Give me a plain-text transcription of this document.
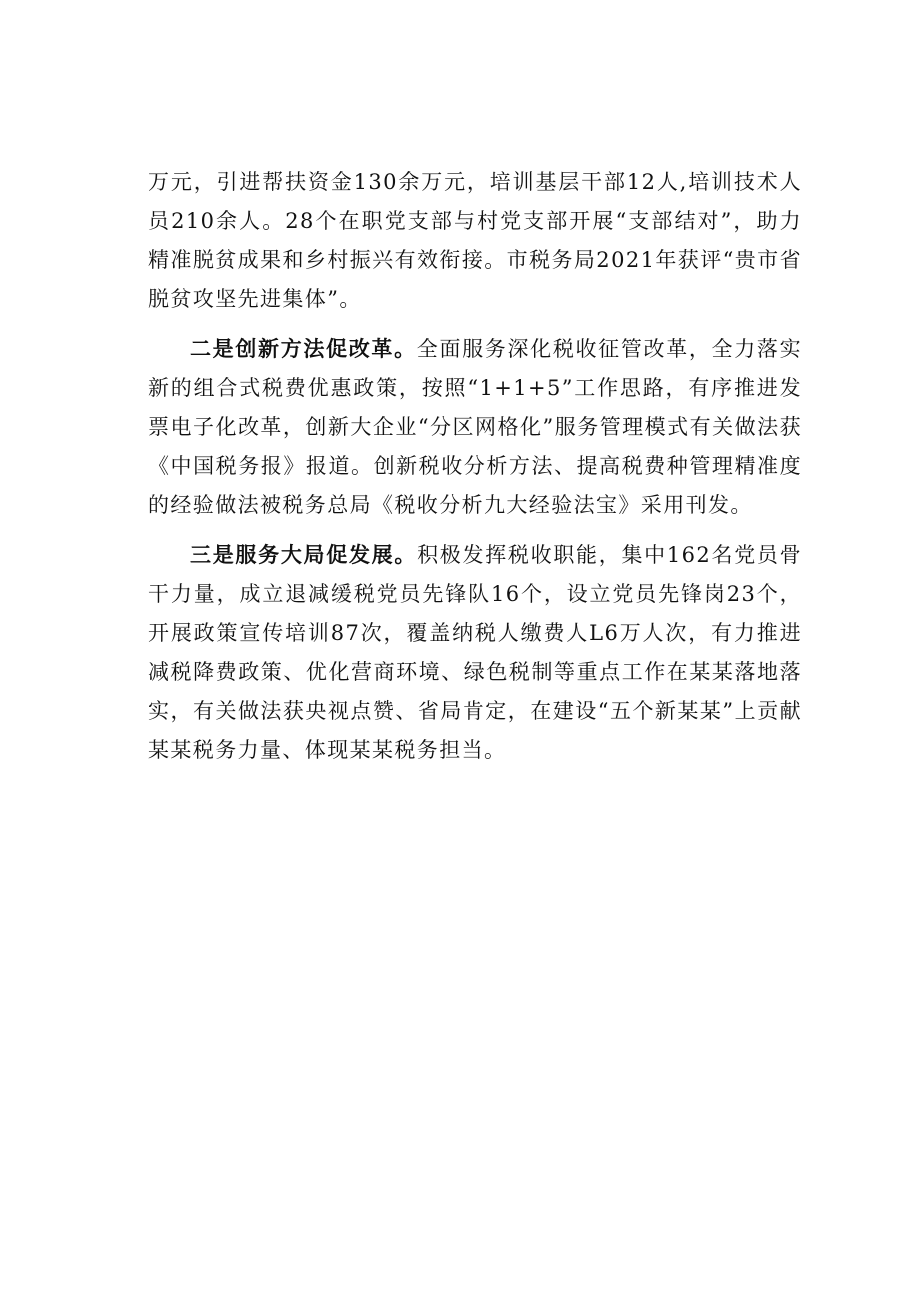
万元，引进帮扶资金130余万元，培训基层干部12人,培训技术人员210余人。28个在职党支部与村党支部开展“支部结对”，助力精准脱贫成果和乡村振兴有效衔接。市税务局2021年获评“贵市省脱贫攻坚先进集体”。

二是创新方法促改革。全面服务深化税收征管改革，全力落实新的组合式税费优惠政策，按照“1+1+5”工作思路，有序推进发票电子化改革，创新大企业“分区网格化”服务管理模式有关做法获《中国税务报》报道。创新税收分析方法、提高税费种管理精准度的经验做法被税务总局《税收分析九大经验法宝》采用刊发。

三是服务大局促发展。积极发挥税收职能，集中162名党员骨干力量，成立退减缓税党员先锋队16个，设立党员先锋岗23个，开展政策宣传培训87次，覆盖纳税人缴费人L6万人次，有力推进减税降费政策、优化营商环境、绿色税制等重点工作在某某落地落实，有关做法获央视点赞、省局肯定，在建设“五个新某某”上贡献某某税务力量、体现某某税务担当。
